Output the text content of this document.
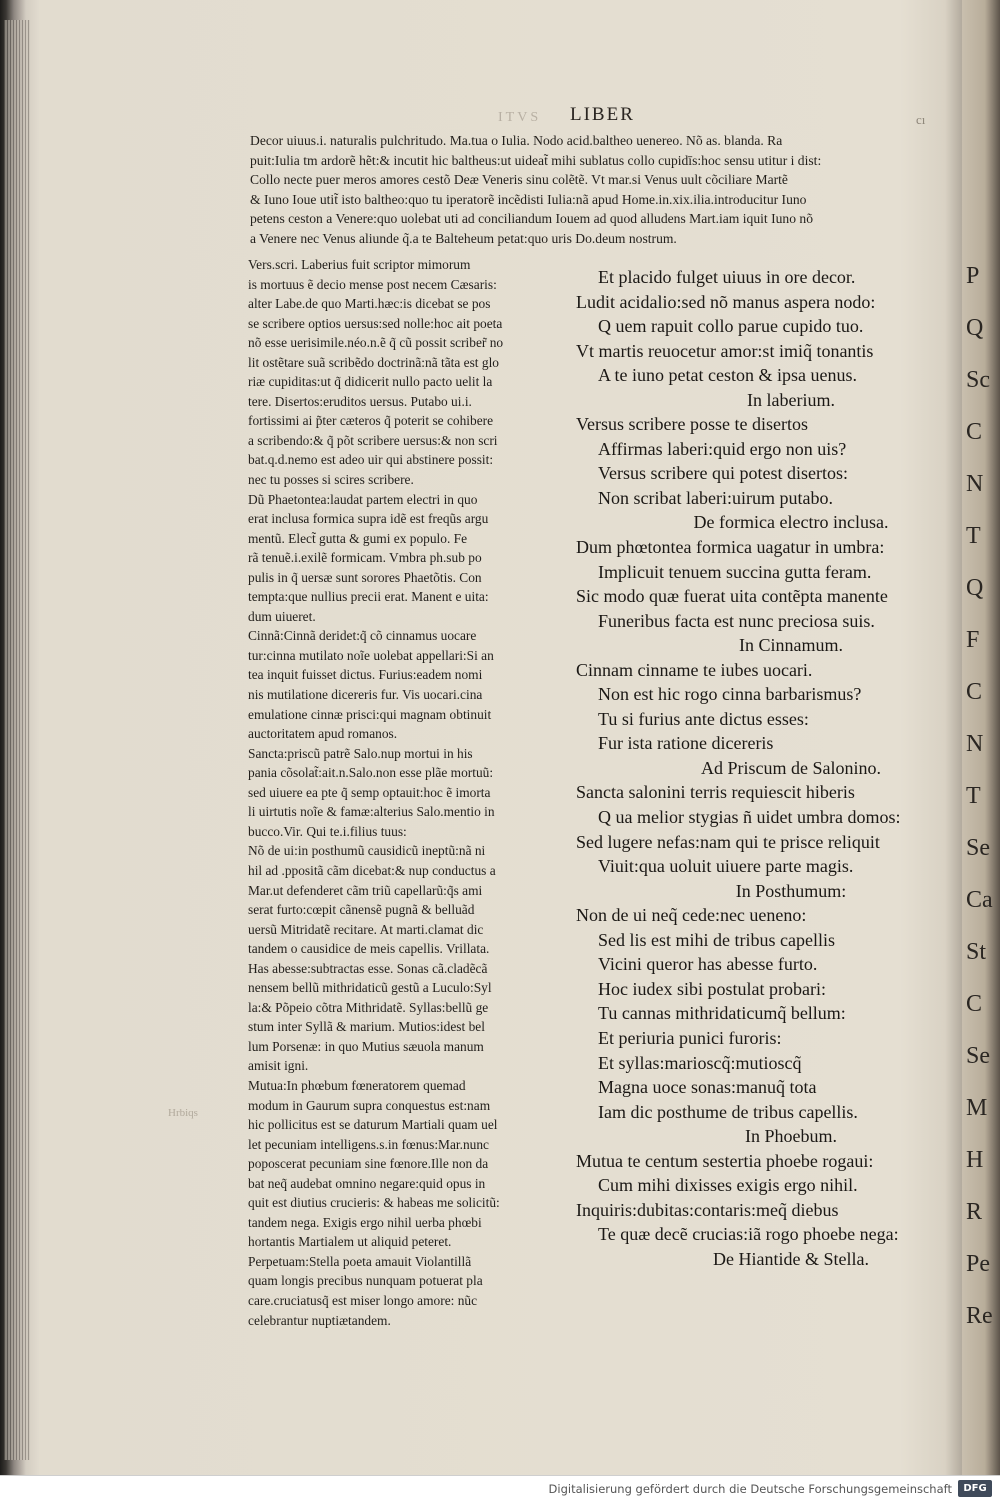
P
Q
Sc
C
N
T
Q
F
C
N
T
Se
Ca
St
C
Se
M
H
R
Pe
Re
ITVS LIBER	cı
Decor uiuus.i. naturalis pulchritudo. Ma.tua o Iulia. Nodo acid.baltheo uenereo. Nõ as. blanda. Ra
puit:Iulia tm ardorẽ hẽt:& incutit hic baltheus:ut uideat̃ mihi sublatus collo cupidīs:hoc sensu utitur i dist:
Collo necte puer meros amores cestõ Deæ Veneris sinu colẽtẽ. Vt mar.si Venus uult cõciliare Martẽ
& Iuno Ioue utit̃ isto baltheo:quo tu iperatorẽ incẽdisti Iulia:nã apud Home.in.xix.ilia.introducitur Iuno
petens ceston a Venere:quo uolebat uti ad conciliandum Iouem ad quod alludens Mart.iam iquit Iuno nõ
a Venere nec Venus aliunde q̃.a te Balteheum petat:quo uris Do.deum nostrum.
Vers.scri. Laberius fuit scriptor mimorum
is mortuus ẽ decio mense post necem Cæsaris:
alter Labe.de quo Marti.hæc:is dicebat se pos
se scribere optios uersus:sed nolle:hoc ait poeta
nõ esse uerisimile.néo.n.ẽ q̃ cũ possit scriber̃ no
lit ostẽtare suã scribẽdo doctrinã:nã tãta est glo
riæ cupiditas:ut q̃ didicerit nullo pacto uelit la
tere. Disertos:eruditos uersus. Putabo ui.i.
fortissimi ai p̃ter cæteros q̃ poterit se cohibere
a scribendo:& q̃ põt scribere uersus:& non scri
bat.q.d.nemo est adeo uir qui abstinere possit:
nec tu posses si scires scribere.
Dũ Phaetontea:laudat partem electri in quo
erat inclusa formica supra idẽ est freqũs argu
mentũ. Elect̃ gutta & gumi ex populo. Fe
rã tenuẽ.i.exilẽ formicam. Vmbra ph.sub po
pulis in q̃ uersæ sunt sorores Phaetõtis. Con
tempta:que nullius precii erat. Manent e uita:
dum uiueret.
Cinnã:Cinnã deridet:q̃ cõ cinnamus uocare
tur:cinna mutilato noĩe uolebat appellari:Si an
tea inquit fuisset dictus. Furius:eadem nomi
nis mutilatione dicereris fur. Vis uocari.cina
emulatione cinnæ prisci:qui magnam obtinuit
auctoritatem apud romanos.
Sancta:priscũ patrẽ Salo.nup mortui in his
pania cõsolat̃:ait.n.Salo.non esse plãe mortuũ:
sed uiuere ea pte q̃ semp optauit:hoc ẽ imorta
li uirtutis noĩe & famæ:alterius Salo.mentio in
bucco.Vir. Qui te.i.filius tuus:
Nõ de ui:in posthumũ causidicũ ineptũ:nã ni
hil ad .ppositã cãm dicebat:& nup conductus a
Mar.ut defenderet cãm triũ capellarũ:q̃s ami
serat furto:cœpit cãnensẽ pugnã & belluãd
uersũ Mitridatẽ recitare. At marti.clamat dic
tandem o causidice de meis capellis. Vrillata.
Has abesse:subtractas esse. Sonas cã.cladẽcã
nensem bellũ mithridaticũ gestũ a Luculo:Syl
la:& Põpeio cõtra Mithridatẽ. Syllas:bellũ ge
stum inter Syllã & marium. Mutios:idest bel
lum Porsenæ: in quo Mutius sæuola manum
amisit igni.
Mutua:In phœbum fœneratorem quemad
modum in Gaurum supra conquestus est:nam
hic pollicitus est se daturum Martiali quam uel
let pecuniam intelligens.s.in fœnus:Mar.nunc
poposcerat pecuniam sine fœnore.Ille non da
bat neq̃ audebat omnino negare:quid opus in
quit est diutius crucieris: & habeas me solicitũ:
tandem nega. Exigis ergo nihil uerba phœbi
hortantis Martialem ut aliquid peteret.
Perpetuam:Stella poeta amauit Violantillã
quam longis precibus nunquam potuerat pla
care.cruciatusq̃ est miser longo amore: nũc
celebrantur nuptiætandem.
Et placido fulget uiuus in ore decor.
Ludit acidalio:sed nõ manus aspera nodo:
Q uem rapuit collo parue cupido tuo.
Vt martis reuocetur amor:st imiq̃ tonantis
A te iuno petat ceston & ipsa uenus.
In laberium.
Versus scribere posse te disertos
Affirmas laberi:quid ergo non uis?
Versus scribere qui potest disertos:
Non scribat laberi:uirum putabo.
De formica electro inclusa.
Dum phœtontea formica uagatur in umbra:
Implicuit tenuem succina gutta feram.
Sic modo quæ fuerat uita contẽpta manente
Funeribus facta est nunc preciosa suis.
In Cinnamum.
Cinnam cinname te iubes uocari.
Non est hic rogo cinna barbarismus?
Tu si furius ante dictus esses:
Fur ista ratione dicereris
Ad Priscum de Salonino.
Sancta salonini terris requiescit hiberis
Q ua melior stygias ñ uidet umbra domos:
Sed lugere nefas:nam qui te prisce reliquit
Viuit:qua uoluit uiuere parte magis.
In Posthumum:
Non de ui neq̃ cede:nec ueneno:
Sed lis est mihi de tribus capellis
Vicini queror has abesse furto.
Hoc iudex sibi postulat probari:
Tu cannas mithridaticumq̃ bellum:
Et periuria punici furoris:
Et syllas:marioscq̃:mutioscq̃
Magna uoce sonas:manuq̃ tota
Iam dic posthume de tribus capellis.
In Phoebum.
Mutua te centum sestertia phoebe rogaui:
Cum mihi dixisses exigis ergo nihil.
Inquiris:dubitas:contaris:meq̃ diebus
Te quæ decẽ crucias:iã rogo phoebe nega:
De Hiantide & Stella.
Hrbiqs
Digitalisierung gefördert durch die Deutsche Forschungsgemeinschaft	DFG
